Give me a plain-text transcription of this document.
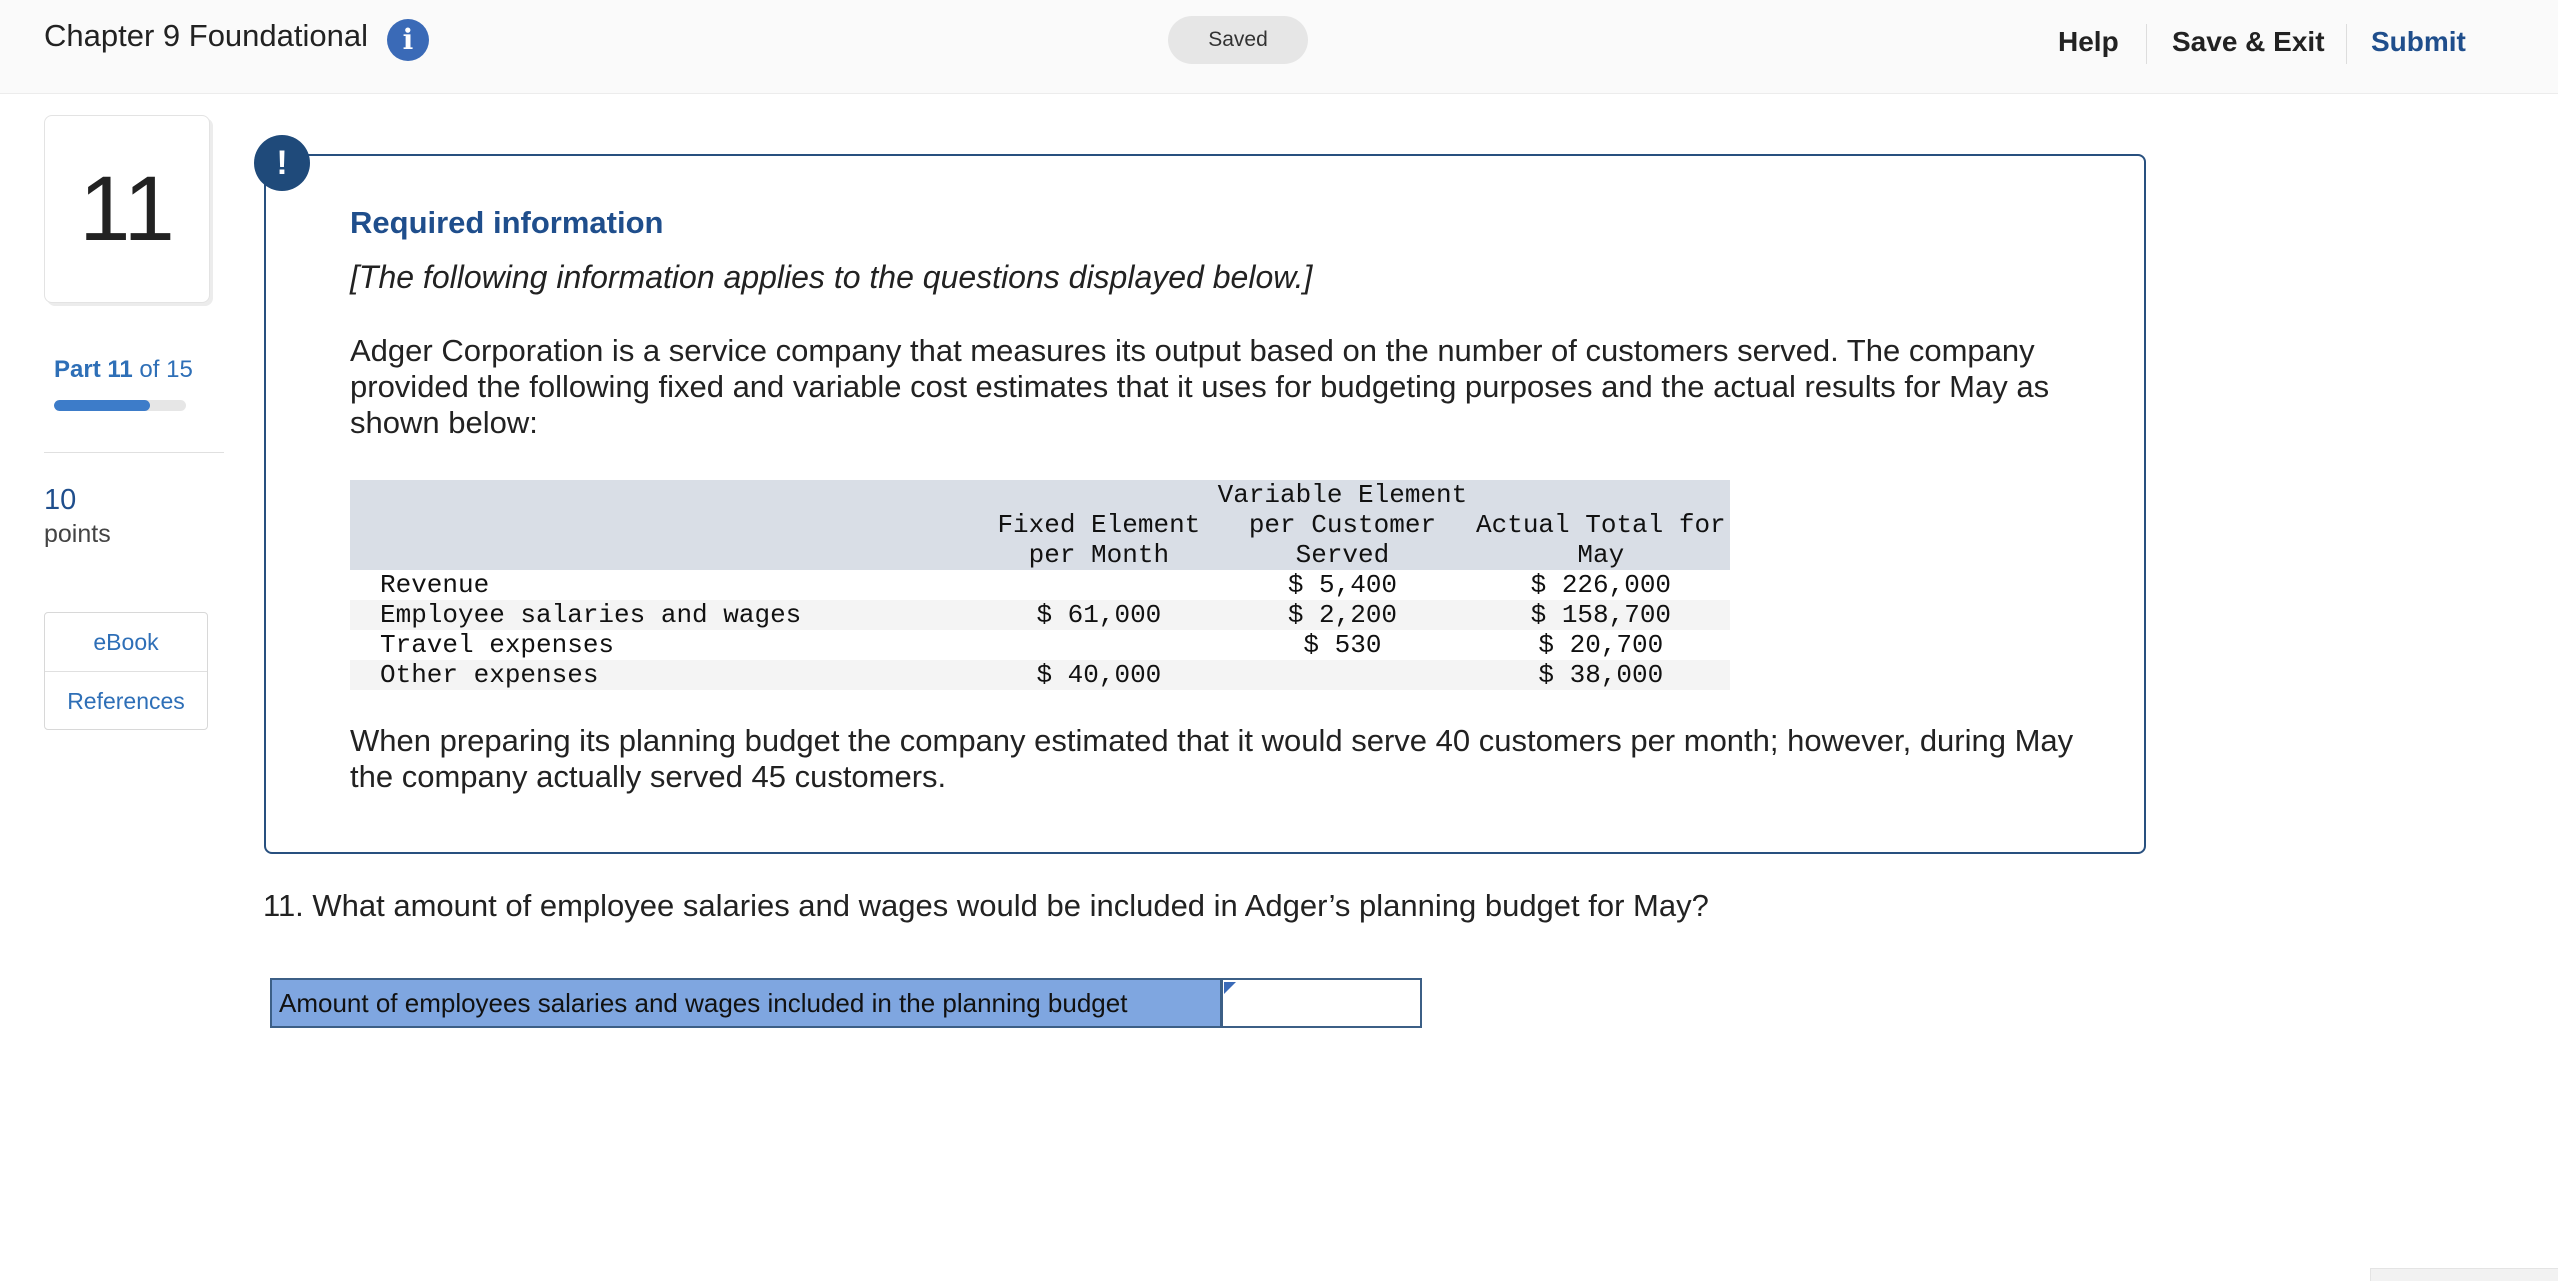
Chapter 9 Foundational	i	Saved	Help Save & Exit Submit
11
Part 11 of 15
10
points
eBook
References
!
Required information
[The following information applies to the questions displayed below.]
Adger Corporation is a service company that measures its output based on the number of customers served. The company provided the following fixed and variable cost estimates that it uses for budgeting purposes and the actual results for May as shown below:
	Fixed Element per Month	Variable Element per Customer Served	Actual Total for May
Revenue		$ 5,400	$ 226,000
Employee salaries and wages	$ 61,000	$ 2,200	$ 158,700
Travel expenses		$ 530	$ 20,700
Other expenses	$ 40,000		$ 38,000
When preparing its planning budget the company estimated that it would serve 40 customers per month; however, during May the company actually served 45 customers.
11. What amount of employee salaries and wages would be included in Adger’s planning budget for May?
Amount of employees salaries and wages included in the planning budget
